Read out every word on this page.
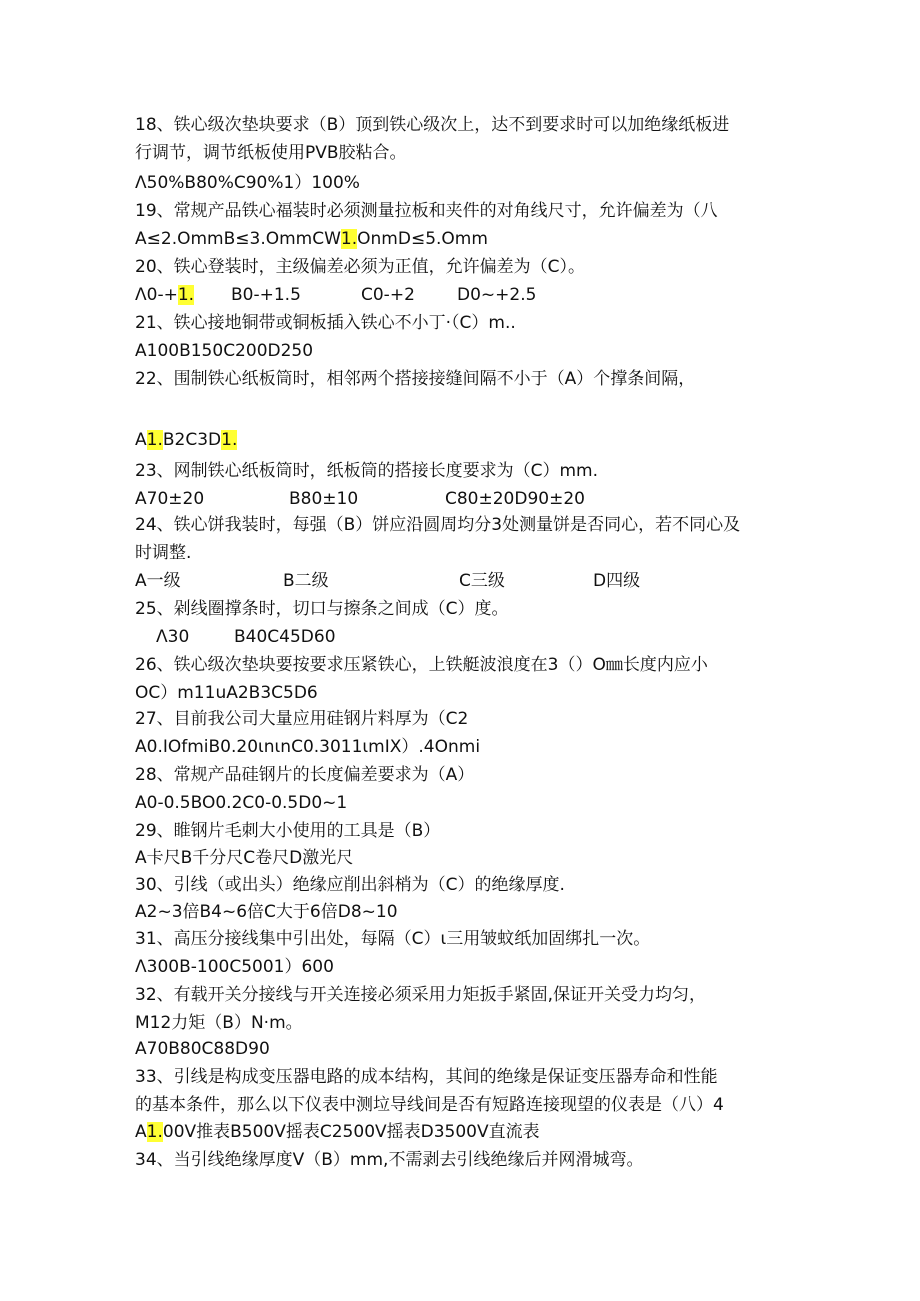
18、铁心级次垫块要求（B）顶到铁心级次上，达不到要求时可以加绝缘纸板进
行调节，调节纸板使用PVB胶粘合。
Λ50%B80%C90%1）100%
19、常规产品铁心福装时必须测量拉板和夹件的对角线尺寸，允许偏差为（八
A≤2.OmmB≤3.OmmCW1.OnmD≤5.Omm
20、铁心登装时，主级偏差必须为正值，允许偏差为（C）。
Λ0-+1. B0-+1.5	C0-+2 D0~+2.5
21、铁心接地铜带或铜板插入铁心不小丁·（C）m..
A100B150C200D250
22、围制铁心纸板筒时，相邻两个搭接接缝间隔不小于（A）个撑条间隔，
A1.B2C3D1.
23、网制铁心纸板筒时，纸板筒的搭接长度要求为（C）mm.
A70±20	B80±10	C80±20D90±20
24、铁心饼我装时，每强（B）饼应沿圆周均分3处测量饼是否同心，若不同心及
时调整.
A一级	B二级	C三级	D四级
25、剁线圈撑条时，切口与擦条之间成（C）度。
Λ30	B40C45D60
26、铁心级次垫块要按要求压紧铁心，上铁艇波浪度在3（）O㎜长度内应小
OC）m11uA2B3C5D6
27、目前我公司大量应用硅钢片料厚为（C2
A0.IOfmiB0.20ιnιnC0.3011ιmIX）.4Onmi
28、常规产品硅钢片的长度偏差要求为（A）
A0-0.5BO0.2C0-0.5D0~1
29、睢钢片毛刺大小使用的工具是（B）
A卡尺B千分尺C卷尺D激光尺
30、引线（或出头）绝缘应削出斜梢为（C）的绝缘厚度.
A2~3倍B4~6倍C大于6倍D8~10
31、高压分接线集中引出处，每隔（C）ι三用皱蚊纸加固绑扎一次。
Λ300B-100C5001）600
32、有载开关分接线与开关连接必须采用力矩扳手紧固,保证开关受力均匀，
M12力矩（B）N·m。
A70B80C88D90
33、引线是构成变压器电路的成本结构，其间的绝缘是保证变压器寿命和性能
的基本条件，那么以下仪表中测垃导线间是否有短路连接现望的仪表是（八）4
A1.00V推表B500V摇表C2500V摇表D3500V直流表
34、当引线绝缘厚度V（B）mm,不需剥去引线绝缘后并网滑城弯。
